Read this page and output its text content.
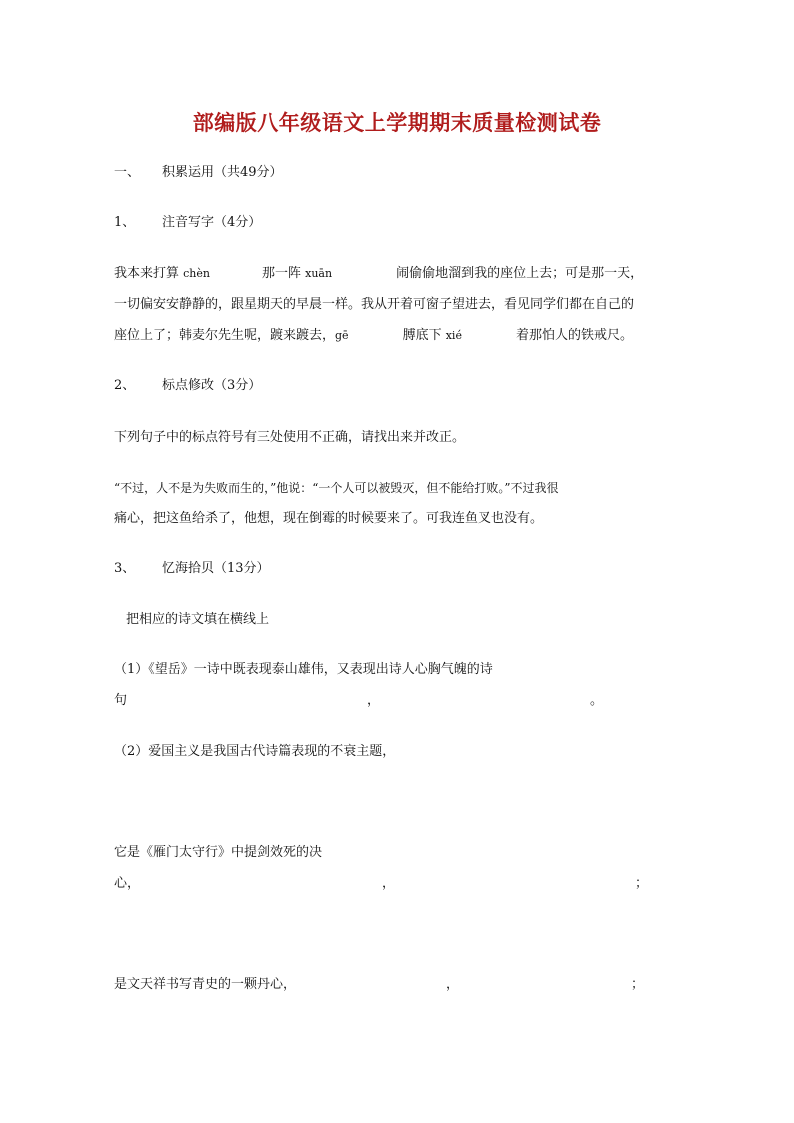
部编版八年级语文上学期期末质量检测试卷
一、 积累运用（共49分）
1、 注音写字（4分）
我本来打算 chèn	那一阵 xuān	闹偷偷地溜到我的座位上去；可是那一天，
一切偏安安静静的，跟星期天的早晨一样。我从开着可窗子望进去，看见同学们都在自己的
座位上了；韩麦尔先生呢，踱来踱去，gē	膊底下 xié	着那怕人的铁戒尺。
2、 标点修改（3分）
下列句子中的标点符号有三处使用不正确，请找出来并改正。
“不过，人不是为失败而生的，”他说：“一个人可以被毁灭，但不能给打败。”不过我很
痛心，把这鱼给杀了，他想，现在倒霉的时候要来了。可我连鱼叉也没有。
3、 忆海拾贝（13分）
把相应的诗文填在横线上
（1）《望岳》一诗中既表现泰山雄伟，又表现出诗人心胸气魄的诗
句	，	。
（2）爱国主义是我国古代诗篇表现的不衰主题，
它是《雁门太守行》中提剑效死的决
心，	，	；
是文天祥书写青史的一颗丹心，	，	；
